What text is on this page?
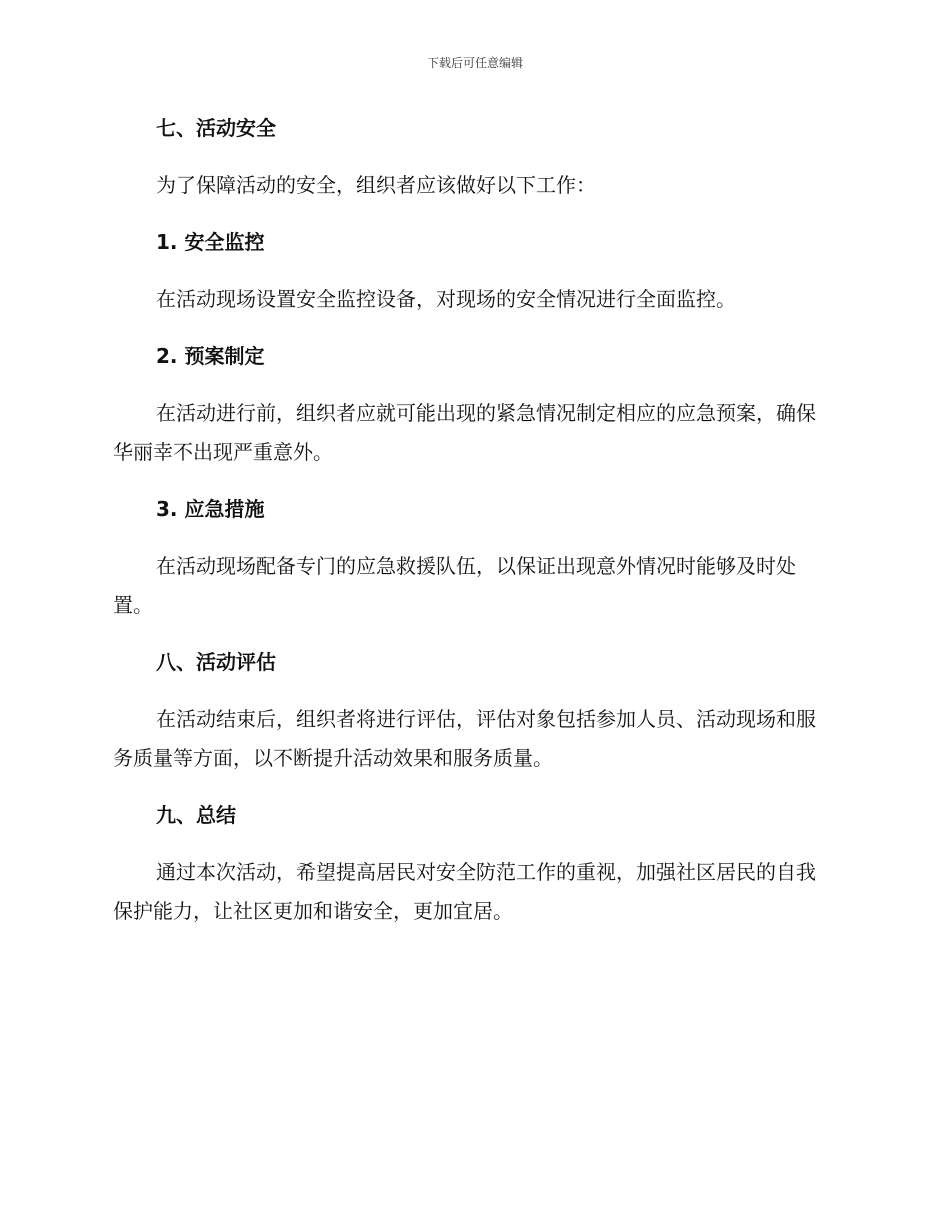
下载后可任意编辑
七、活动安全

为了保障活动的安全，组织者应该做好以下工作：

1. 安全监控

在活动现场设置安全监控设备，对现场的安全情况进行全面监控。

2. 预案制定

在活动进行前，组织者应就可能出现的紧急情况制定相应的应急预案，确保华丽幸不出现严重意外。

3. 应急措施

在活动现场配备专门的应急救援队伍，以保证出现意外情况时能够及时处置。

八、活动评估

在活动结束后，组织者将进行评估，评估对象包括参加人员、活动现场和服务质量等方面，以不断提升活动效果和服务质量。

九、总结

通过本次活动，希望提高居民对安全防范工作的重视，加强社区居民的自我保护能力，让社区更加和谐安全，更加宜居。
